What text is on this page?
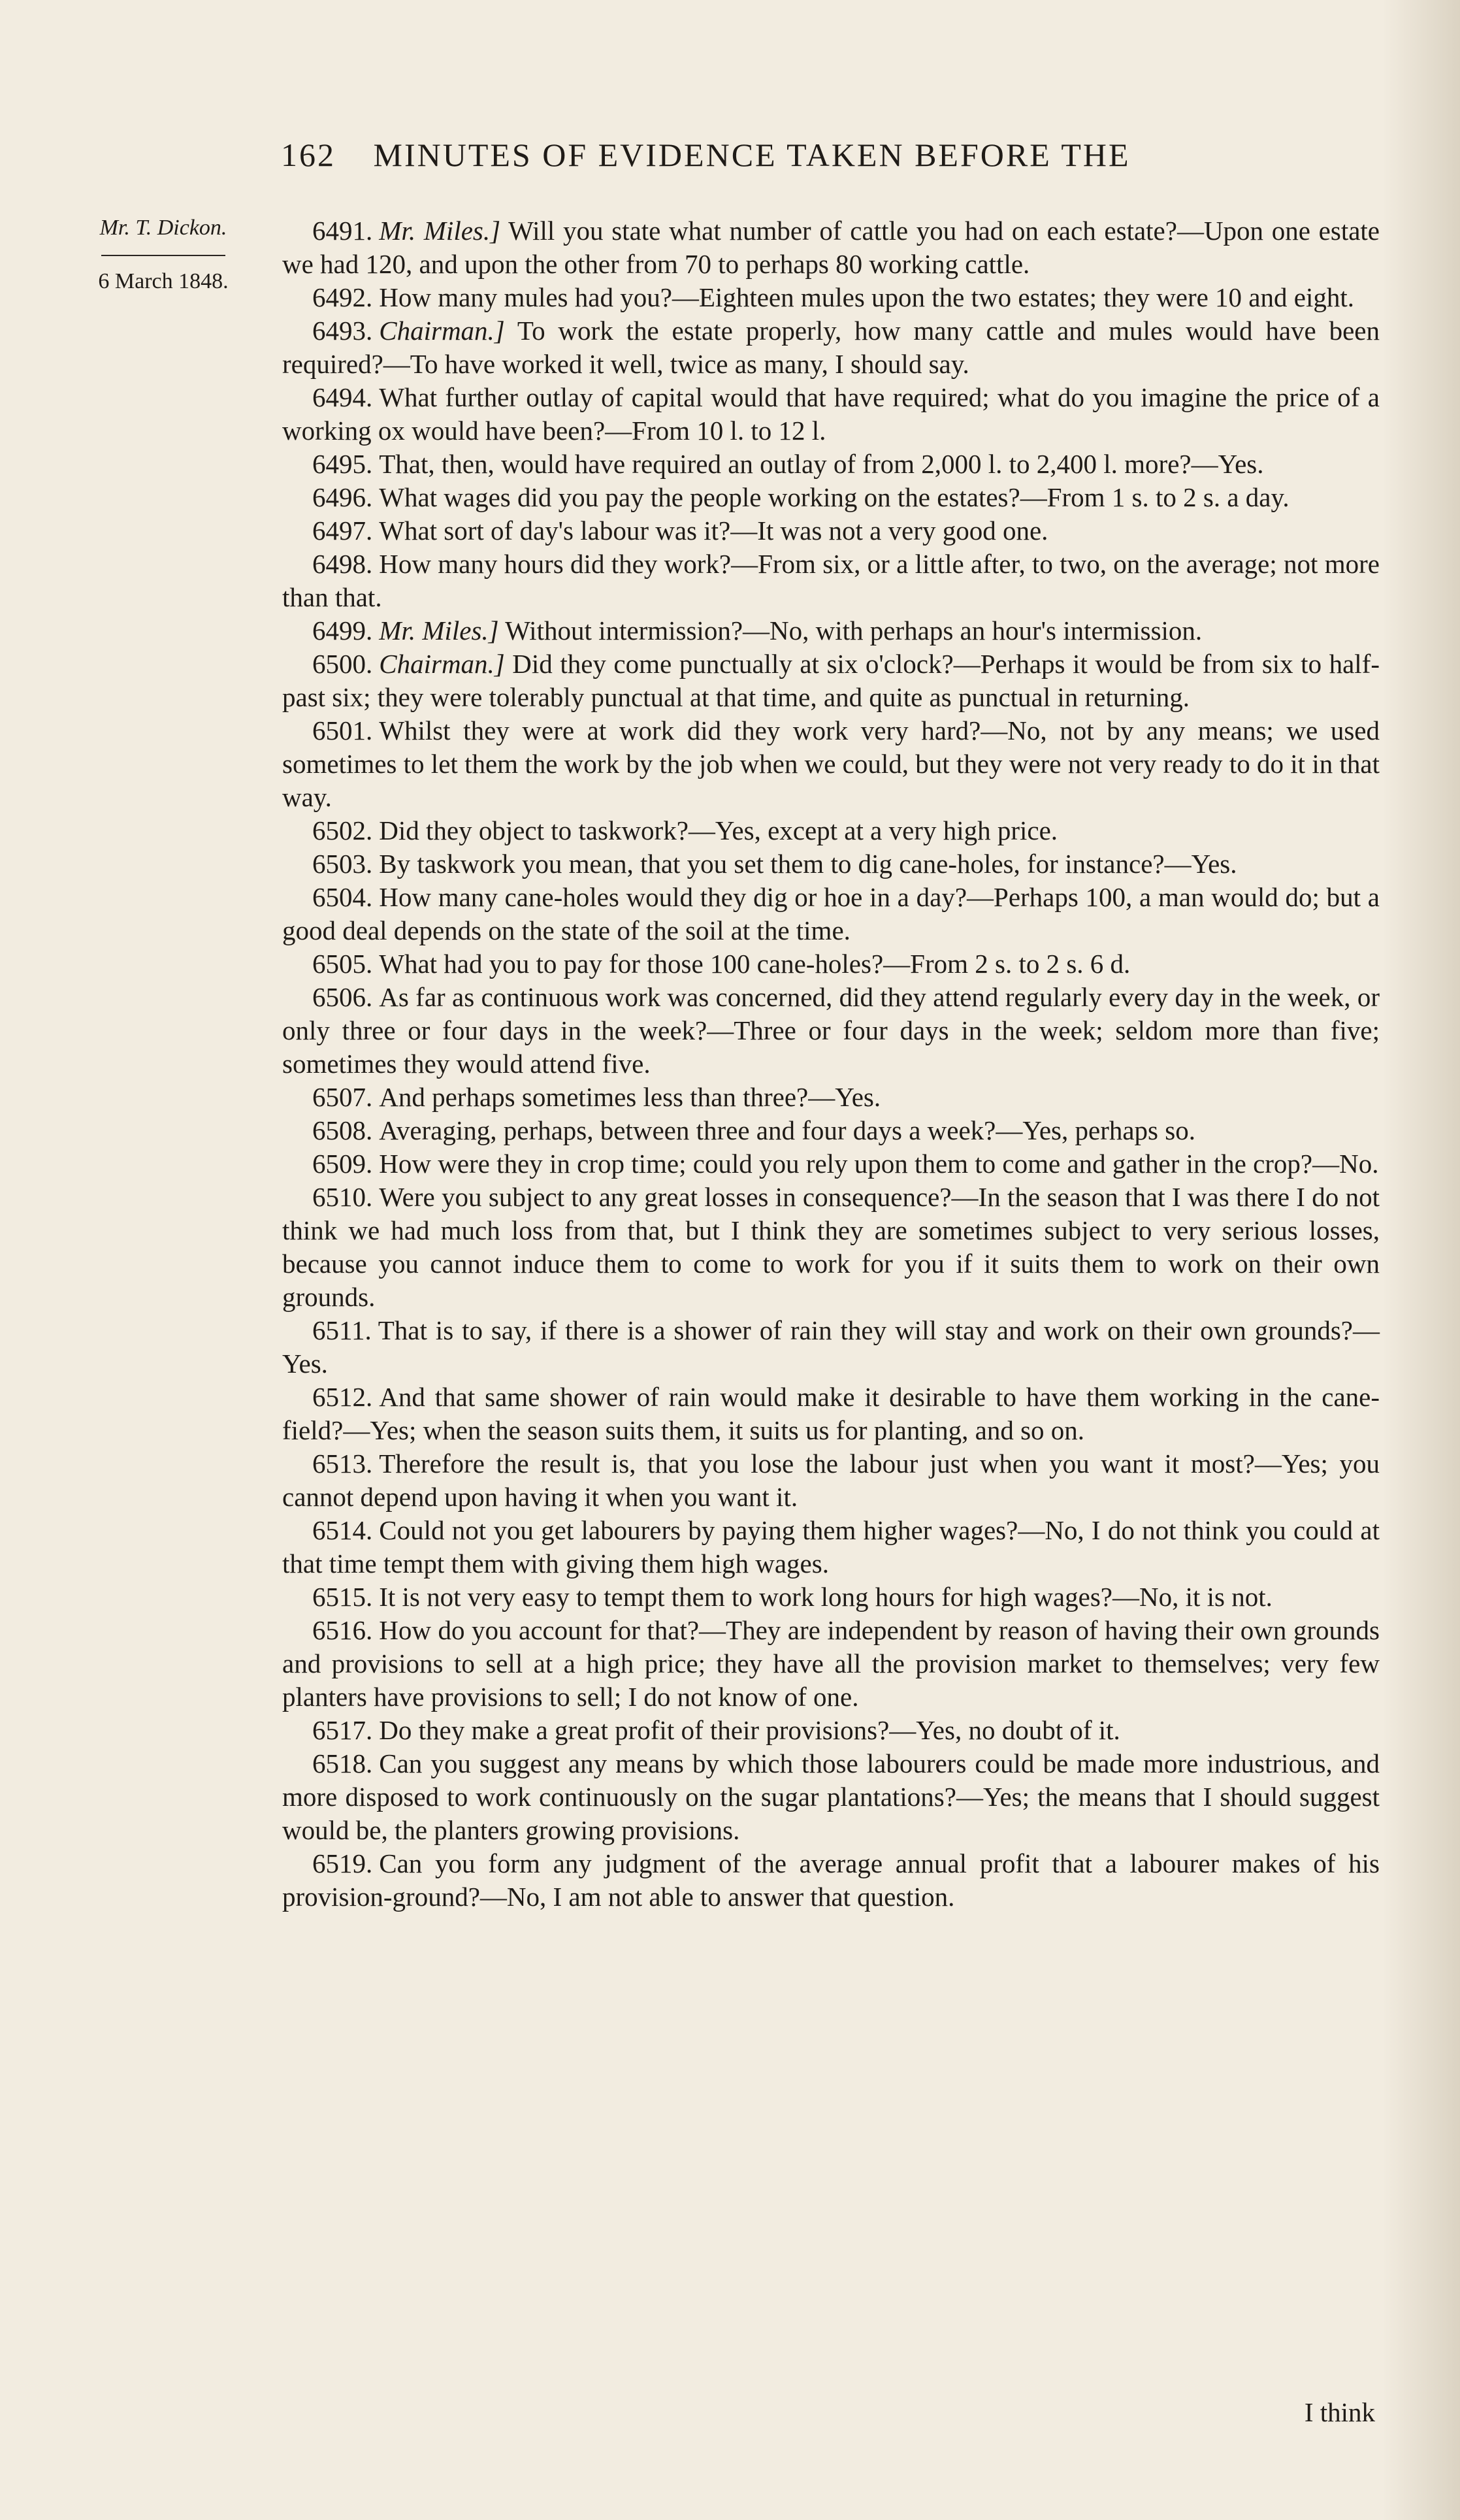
162 MINUTES OF EVIDENCE TAKEN BEFORE THE
Mr. T. Dickon.
6 March 1848.

6491. Mr. Miles.] Will you state what number of cattle you had on each estate?—Upon one estate we had 120, and upon the other from 70 to perhaps 80 working cattle.

6492. How many mules had you?—Eighteen mules upon the two estates; they were 10 and eight.

6493. Chairman.] To work the estate properly, how many cattle and mules would have been required?—To have worked it well, twice as many, I should say.

6494. What further outlay of capital would that have required; what do you imagine the price of a working ox would have been?—From 10 l. to 12 l.

6495. That, then, would have required an outlay of from 2,000 l. to 2,400 l. more?—Yes.

6496. What wages did you pay the people working on the estates?—From 1 s. to 2 s. a day.

6497. What sort of day's labour was it?—It was not a very good one.

6498. How many hours did they work?—From six, or a little after, to two, on the average; not more than that.

6499. Mr. Miles.] Without intermission?—No, with perhaps an hour's intermission.

6500. Chairman.] Did they come punctually at six o'clock?—Perhaps it would be from six to half-past six; they were tolerably punctual at that time, and quite as punctual in returning.

6501. Whilst they were at work did they work very hard?—No, not by any means; we used sometimes to let them the work by the job when we could, but they were not very ready to do it in that way.

6502. Did they object to taskwork?—Yes, except at a very high price.

6503. By taskwork you mean, that you set them to dig cane-holes, for instance?—Yes.

6504. How many cane-holes would they dig or hoe in a day?—Perhaps 100, a man would do; but a good deal depends on the state of the soil at the time.

6505. What had you to pay for those 100 cane-holes?—From 2 s. to 2 s. 6 d.

6506. As far as continuous work was concerned, did they attend regularly every day in the week, or only three or four days in the week?—Three or four days in the week; seldom more than five; sometimes they would attend five.

6507. And perhaps sometimes less than three?—Yes.

6508. Averaging, perhaps, between three and four days a week?—Yes, perhaps so.

6509. How were they in crop time; could you rely upon them to come and gather in the crop?—No.

6510. Were you subject to any great losses in consequence?—In the season that I was there I do not think we had much loss from that, but I think they are sometimes subject to very serious losses, because you cannot induce them to come to work for you if it suits them to work on their own grounds.

6511. That is to say, if there is a shower of rain they will stay and work on their own grounds?—Yes.

6512. And that same shower of rain would make it desirable to have them working in the cane-field?—Yes; when the season suits them, it suits us for planting, and so on.

6513. Therefore the result is, that you lose the labour just when you want it most?—Yes; you cannot depend upon having it when you want it.

6514. Could not you get labourers by paying them higher wages?—No, I do not think you could at that time tempt them with giving them high wages.

6515. It is not very easy to tempt them to work long hours for high wages?—No, it is not.

6516. How do you account for that?—They are independent by reason of having their own grounds and provisions to sell at a high price; they have all the provision market to themselves; very few planters have provisions to sell; I do not know of one.

6517. Do they make a great profit of their provisions?—Yes, no doubt of it.

6518. Can you suggest any means by which those labourers could be made more industrious, and more disposed to work continuously on the sugar plantations?—Yes; the means that I should suggest would be, the planters growing provisions.

6519. Can you form any judgment of the average annual profit that a labourer makes of his provision-ground?—No, I am not able to answer that question.

I think
